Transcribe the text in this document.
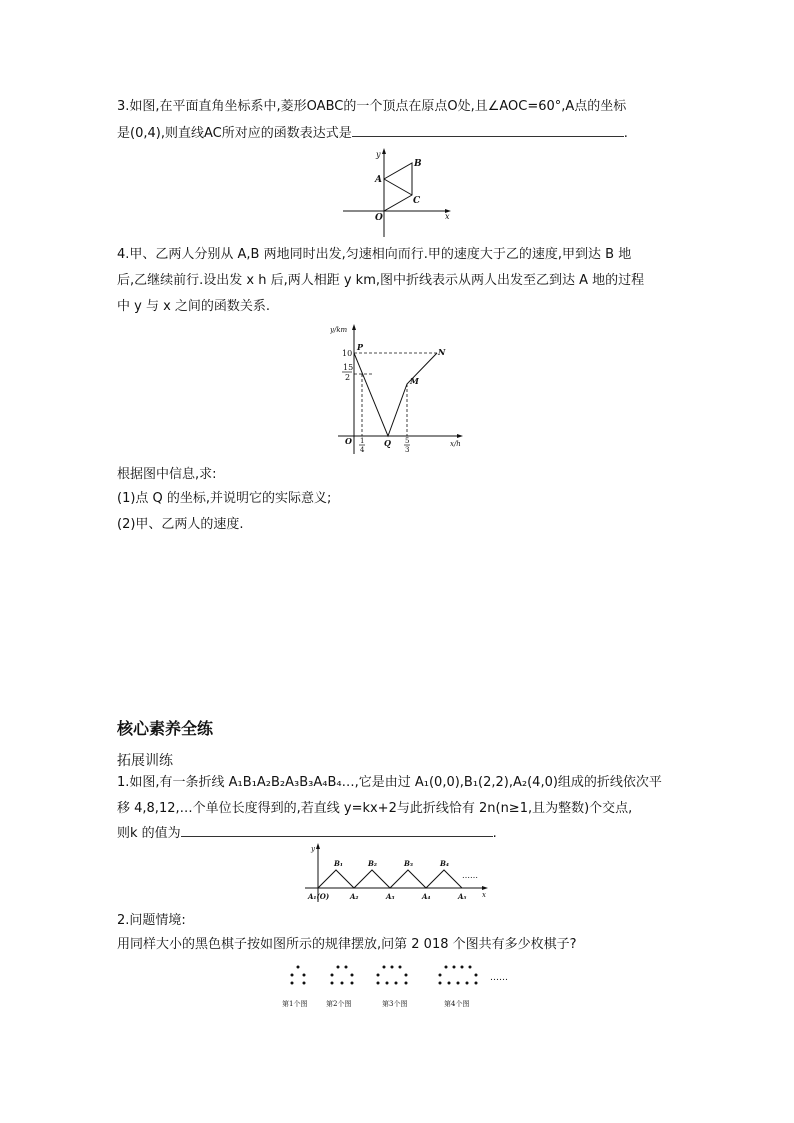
3.如图,在平面直角坐标系中,菱形OABC的一个顶点在原点O处,且∠AOC=60°,A点的坐标
是(0,4),则直线AC所对应的函数表达式是	.
y
x
O
A
B
C
4.甲、乙两人分别从 A,B 两地同时出发,匀速相向而行.甲的速度大于乙的速度,甲到达 B 地
后,乙继续前行.设出发 x h 后,两人相距 y km,图中折线表示从两人出发至乙到达 A 地的过程
中 y 与 x 之间的函数关系.
y/km
x/h
O
10
15
2
1
4
5
3
P	N
M
Q
根据图中信息,求:
(1)点 Q 的坐标,并说明它的实际意义;
(2)甲、乙两人的速度.
核心素养全练
拓展训练
1.如图,有一条折线 A₁B₁A₂B₂A₃B₃A₄B₄…,它是由过 A₁(0,0),B₁(2,2),A₂(4,0)组成的折线依次平
移 4,8,12,…个单位长度得到的,若直线 y=kx+2与此折线恰有 2n(n≥1,且为整数)个交点,
则k 的值为	.
y
x
A₁(O)	A₂	A₃	A₄	A₅
B₁	B₂	B₃	B₄
……
2.问题情境:
用同样大小的黑色棋子按如图所示的规律摆放,问第 2 018 个图共有多少枚棋子?
……
第1个图	第2个图	第3个图	第4个图
